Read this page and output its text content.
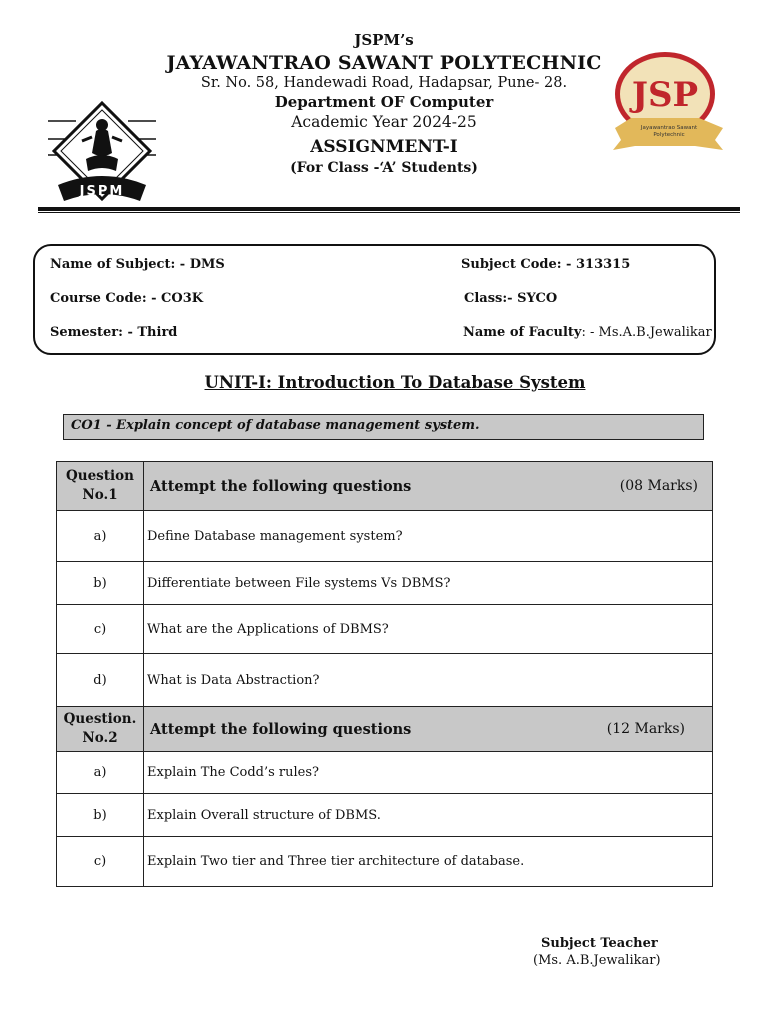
JSPM’s
JAYAWANTRAO SAWANT POLYTECHNIC
Sr. No. 58, Handewadi Road, Hadapsar, Pune- 28.
Department OF Computer
Academic Year 2024-25
ASSIGNMENT-I
(For Class -‘A’ Students)
JSPM
JSP
Jayawantrao Sawant
Polytechnic
Name of Subject: - DMS	Subject Code: - 313315
Course Code: - CO3K	Class:- SYCO
Semester: - Third	Name of Faculty: - Ms.A.B.Jewalikar
UNIT-I: Introduction To Database System
CO1 - Explain concept of database management system.
Question
No.1	Attempt the following questions (08 Marks)

a)	Define Database management system?
b)	Differentiate between File systems Vs DBMS?
c)	What are the Applications of DBMS?
d)	What is Data Abstraction?
Question.
No.2	Attempt the following questions (12 Marks)

a)	Explain The Codd’s rules?
b)	Explain Overall structure of DBMS.
c)	Explain Two tier and Three tier architecture of database.
Subject Teacher
(Ms. A.B.Jewalikar)
